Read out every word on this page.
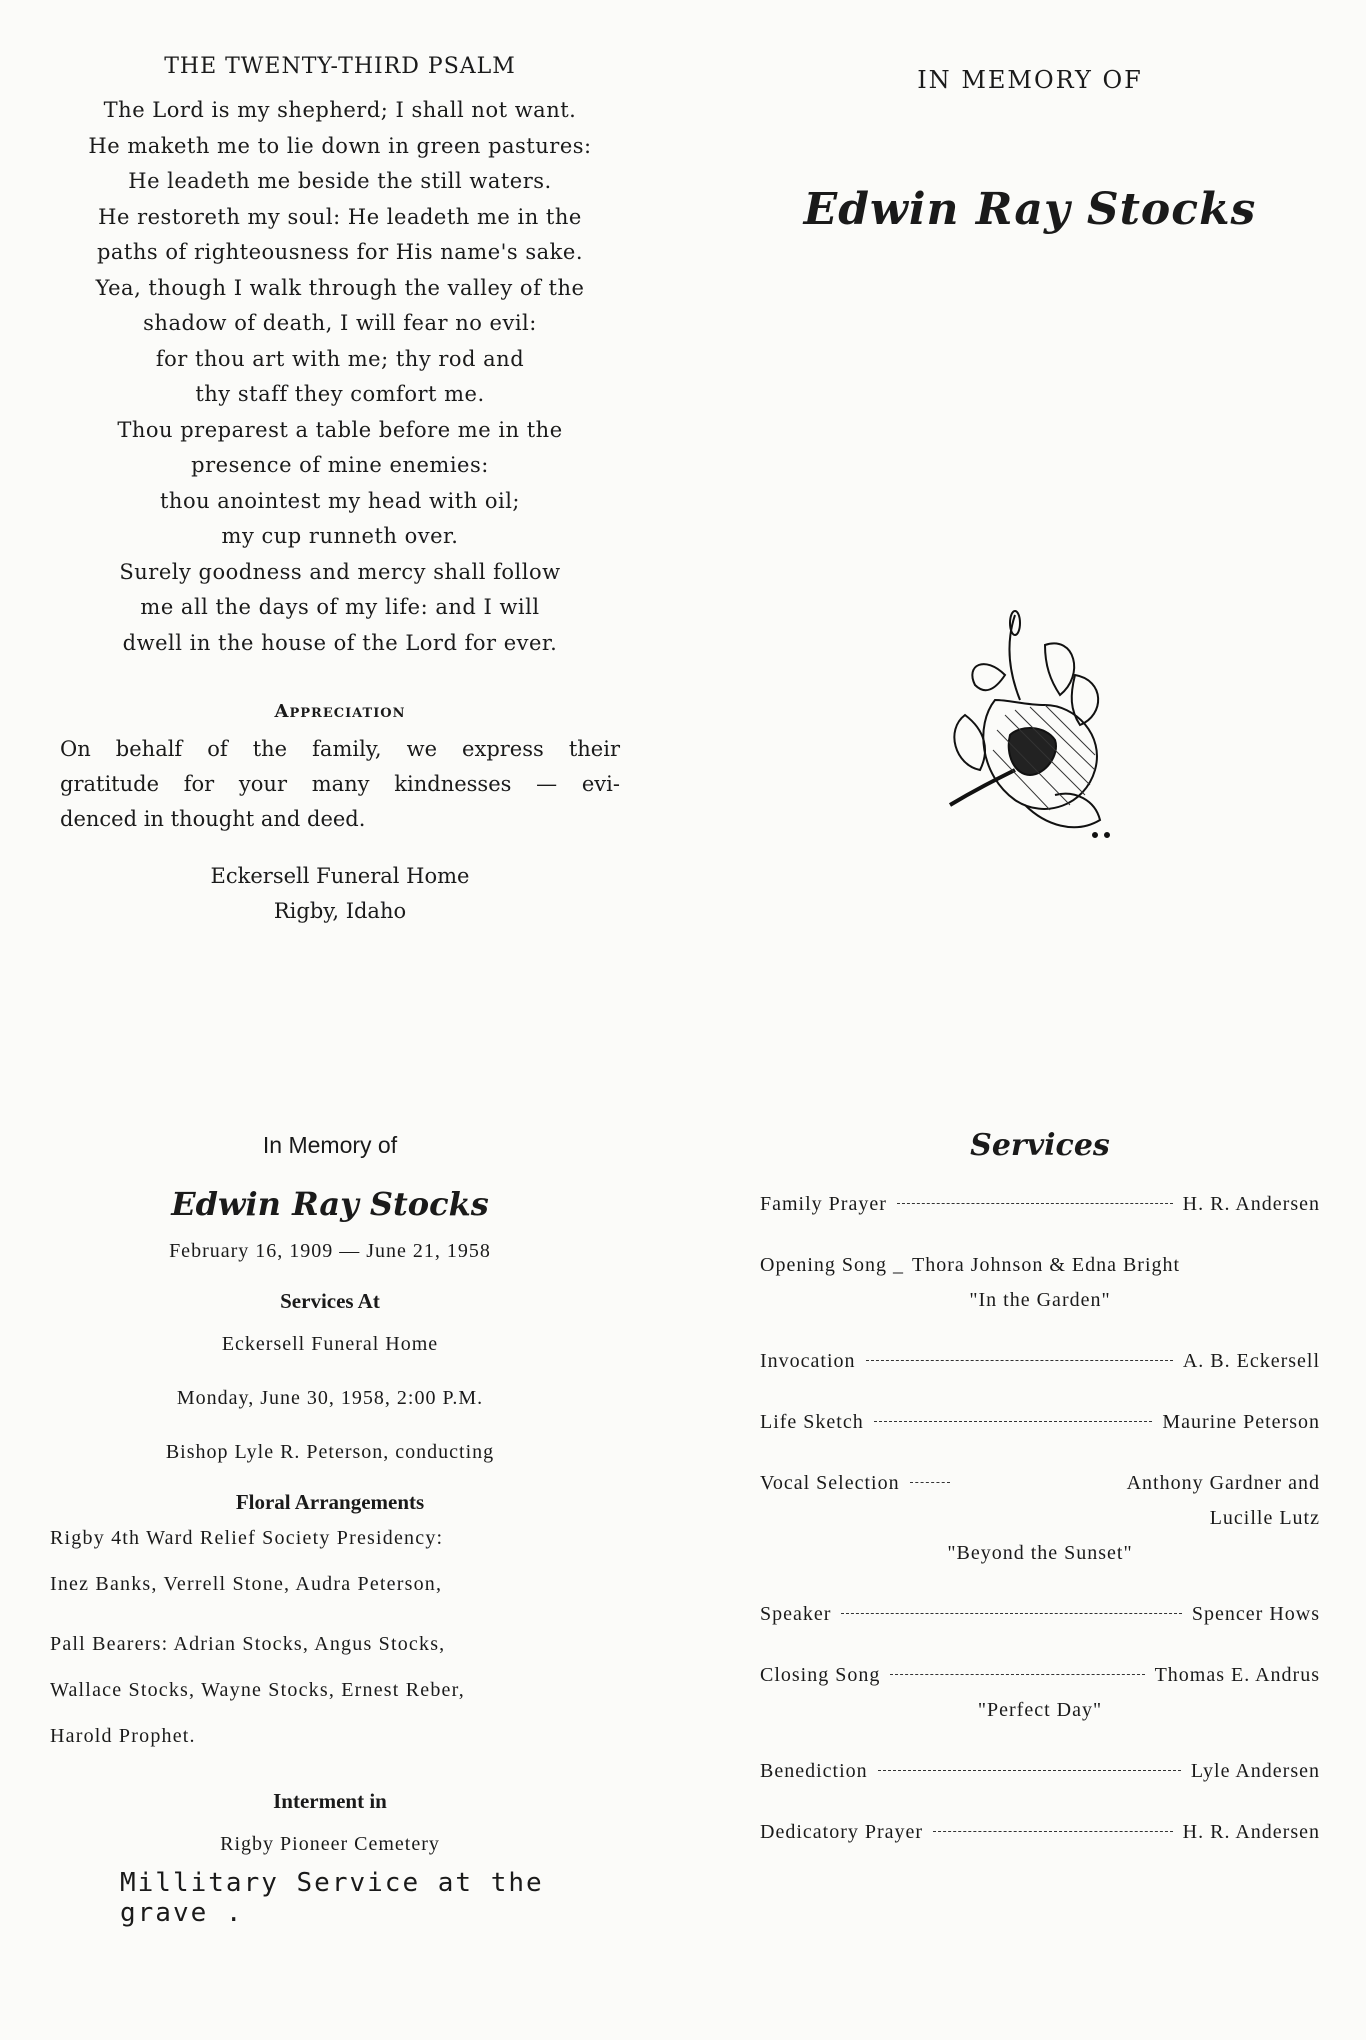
THE TWENTY-THIRD PSALM
The Lord is my shepherd; I shall not want.
He maketh me to lie down in green pastures:
He leadeth me beside the still waters.
He restoreth my soul: He leadeth me in the
paths of righteousness for His name's sake.
Yea, though I walk through the valley of the
shadow of death, I will fear no evil:
for thou art with me; thy rod and
thy staff they comfort me.
Thou preparest a table before me in the
presence of mine enemies:
thou anointest my head with oil;
my cup runneth over.
Surely goodness and mercy shall follow
me all the days of my life: and I will
dwell in the house of the Lord for ever.
Appreciation
On behalf of the family, we express their
gratitude for your many kindnesses — evi-
denced in thought and deed.
Eckersell Funeral Home
Rigby, Idaho
IN MEMORY OF
Edwin Ray Stocks
In Memory of
Edwin Ray Stocks
February 16, 1909 — June 21, 1958
Services At
Eckersell Funeral Home
Monday, June 30, 1958, 2:00 P.M.
Bishop Lyle R. Peterson, conducting
Floral Arrangements
Rigby 4th Ward Relief Society Presidency:
Inez Banks, Verrell Stone, Audra Peterson,
Pall Bearers: Adrian Stocks, Angus Stocks,
Wallace Stocks, Wayne Stocks, Ernest Reber,
Harold Prophet.
Interment in
Rigby Pioneer Cemetery
Millitary Service at the grave .
Services
Family Prayer	H. R. Andersen
Opening Song _ Thora Johnson & Edna Bright
"In the Garden"
Invocation	A. B. Eckersell
Life Sketch	Maurine Peterson
Vocal Selection	Anthony Gardner and
Lucille Lutz
"Beyond the Sunset"
Speaker	Spencer Hows
Closing Song	Thomas E. Andrus
"Perfect Day"
Benediction	Lyle Andersen
Dedicatory Prayer	H. R. Andersen
